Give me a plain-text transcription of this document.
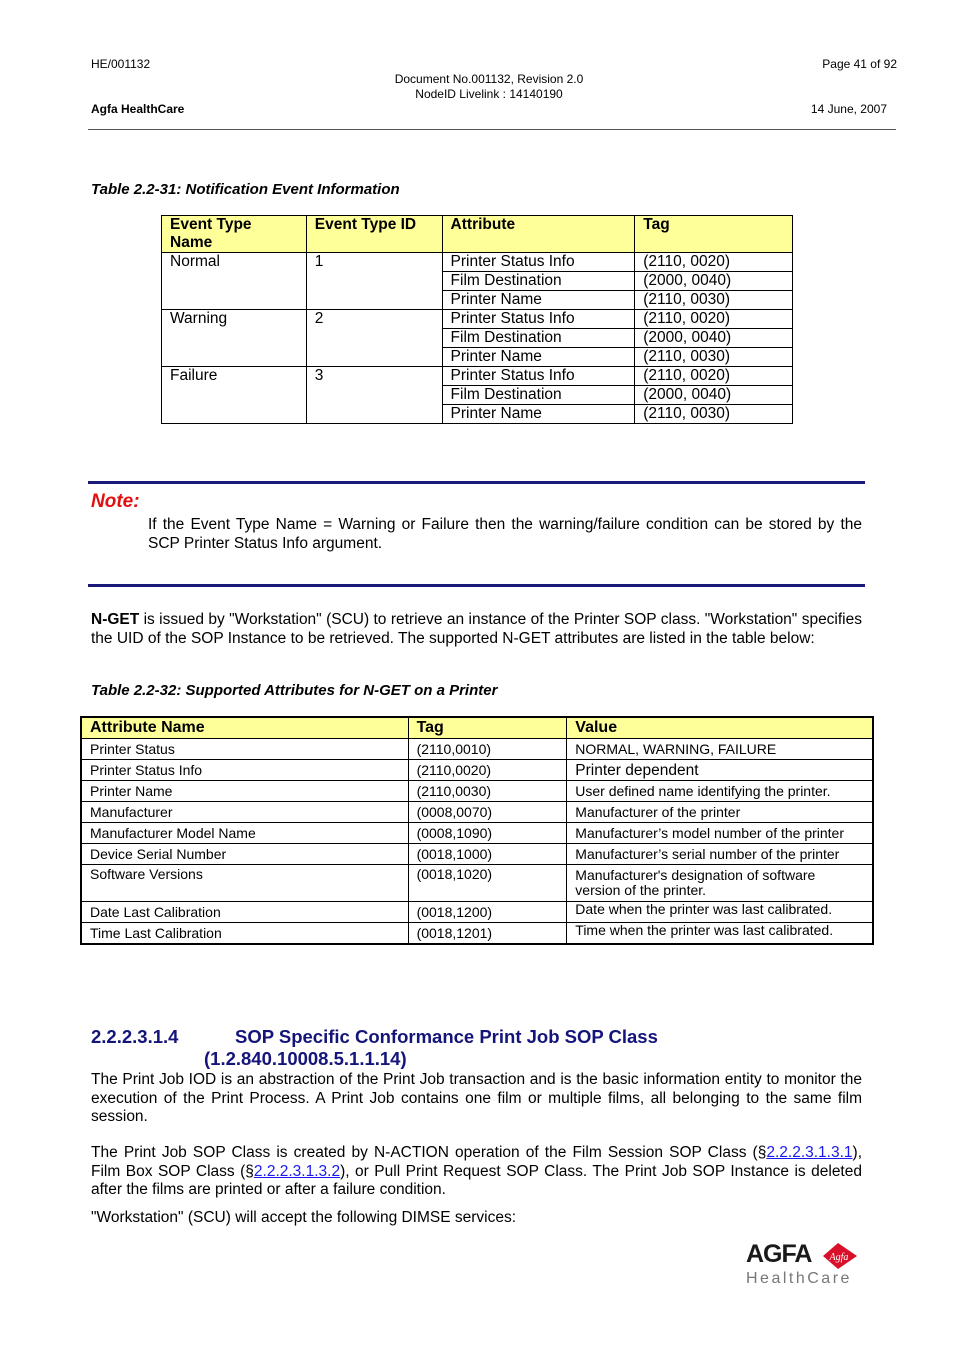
HE/001132	Page 41 of 92
Document No.001132, Revision 2.0
NodeID Livelink : 14140190
Agfa HealthCare	14 June, 2007
Table 2.2-31: Notification Event Information
Event Type Name	Event Type ID	Attribute	Tag
Normal	1	Printer Status Info	(2110, 0020)
		Film Destination	(2000, 0040)
		Printer Name	(2110, 0030)
Warning	2	Printer Status Info	(2110, 0020)
		Film Destination	(2000, 0040)
		Printer Name	(2110, 0030)
Failure	3	Printer Status Info	(2110, 0020)
		Film Destination	(2000, 0040)
		Printer Name	(2110, 0030)
Note:
If the Event Type Name = Warning or Failure then the warning/failure condition can be stored by the SCP Printer Status Info argument.
N-GET is issued by "Workstation" (SCU) to retrieve an instance of the Printer SOP class. "Workstation" specifies the UID of the SOP Instance to be retrieved. The supported N-GET attributes are listed in the table below:
Table 2.2-32: Supported Attributes for N-GET on a Printer
Attribute Name	Tag	Value
Printer Status	(2110,0010)	NORMAL, WARNING, FAILURE
Printer Status Info	(2110,0020)	Printer dependent
Printer Name	(2110,0030)	User defined name identifying the printer.
Manufacturer	(0008,0070)	Manufacturer of the printer
Manufacturer Model Name	(0008,1090)	Manufacturer’s model number of the printer
Device Serial Number	(0018,1000)	Manufacturer’s serial number of the printer
Software Versions	(0018,1020)	Manufacturer's designation of software version of the printer.
Date Last Calibration	(0018,1200)	Date when the printer was last calibrated.
Time Last Calibration	(0018,1201)	Time when the printer was last calibrated.
2.2.2.3.1.4	SOP Specific Conformance Print Job SOP Class
(1.2.840.10008.5.1.1.14)
The Print Job IOD is an abstraction of the Print Job transaction and is the basic information entity to monitor the execution of the Print Process. A Print Job contains one film or multiple films, all belonging to the same film session.
The Print Job SOP Class is created by N-ACTION operation of the Film Session SOP Class (§2.2.2.3.1.3.1), Film Box SOP Class (§2.2.2.3.1.3.2), or Pull Print Request SOP Class. The Print Job SOP Instance is deleted after the films are printed or after a failure condition.
"Workstation" (SCU) will accept the following DIMSE services:
AGFA Agfa
HealthCare
